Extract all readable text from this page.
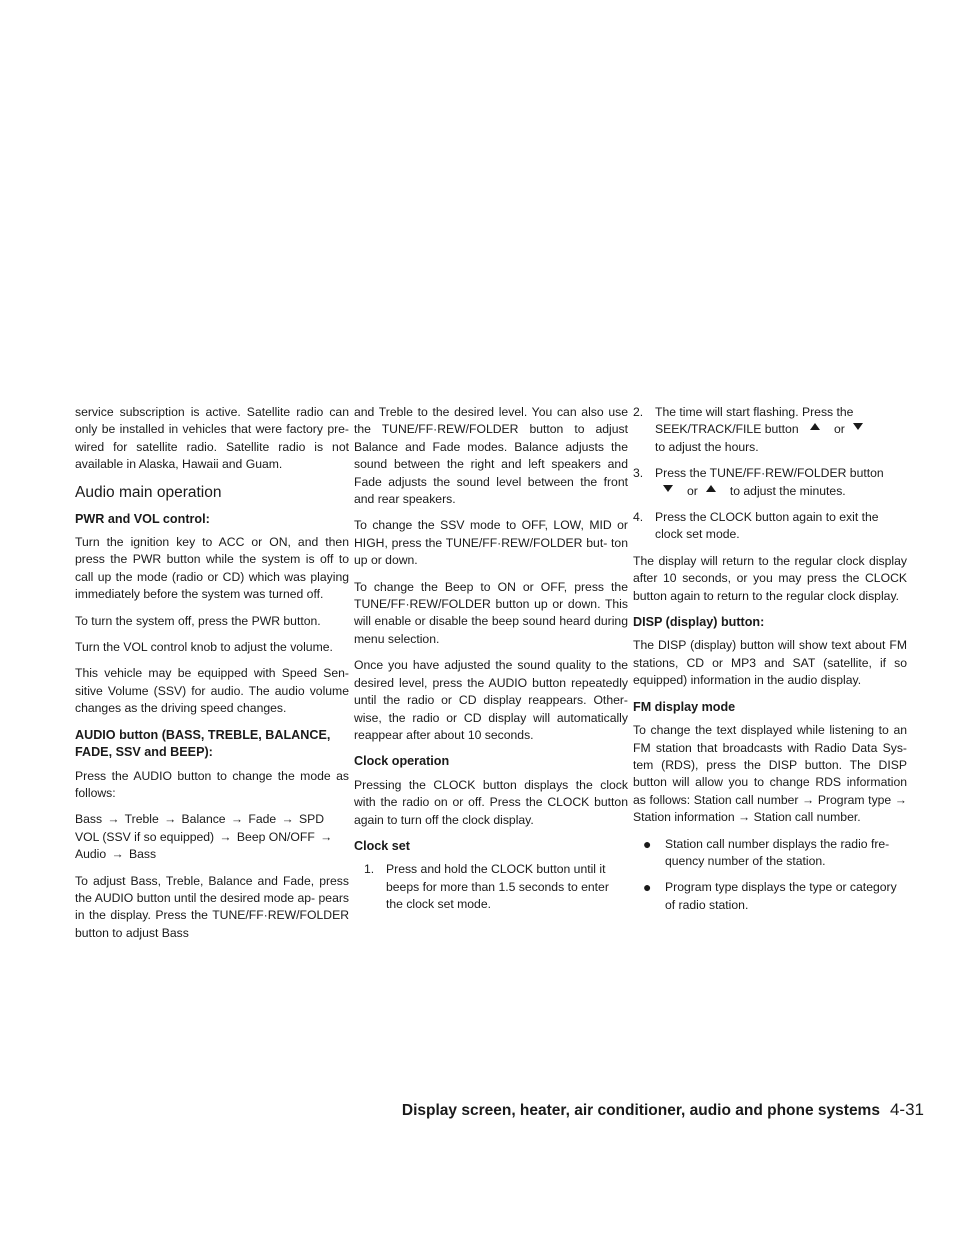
service subscription is active. Satellite radio can only be installed in vehicles that were factory pre-wired for satellite radio. Satellite radio is not available in Alaska, Hawaii and Guam.

Audio main operation
PWR and VOL control:

Turn the ignition key to ACC or ON, and then press the PWR button while the system is off to call up the mode (radio or CD) which was playing immediately before the system was turned off.

To turn the system off, press the PWR button.

Turn the VOL control knob to adjust the volume.

This vehicle may be equipped with Speed Sen- sitive Volume (SSV) for audio. The audio volume changes as the driving speed changes.

AUDIO button (BASS, TREBLE, BALANCE, FADE, SSV and BEEP):

Press the AUDIO button to change the mode as follows:

Bass → Treble → Balance → Fade → SPD VOL (SSV if so equipped) → Beep ON/OFF → Audio → Bass

To adjust Bass, Treble, Balance and Fade, press the AUDIO button until the desired mode ap- pears in the display. Press the TUNE/FF·REW/FOLDER button to adjust Bass

and Treble to the desired level. You can also use the TUNE/FF·REW/FOLDER button to adjust Balance and Fade modes. Balance adjusts the sound between the right and left speakers and Fade adjusts the sound level between the front and rear speakers.

To change the SSV mode to OFF, LOW, MID or HIGH, press the TUNE/FF·REW/FOLDER but- ton up or down.

To change the Beep to ON or OFF, press the TUNE/FF·REW/FOLDER button up or down. This will enable or disable the beep sound heard during menu selection.

Once you have adjusted the sound quality to the desired level, press the AUDIO button repeatedly until the radio or CD display reappears. Other- wise, the radio or CD display will automatically reappear after about 10 seconds.

Clock operation

Pressing the CLOCK button displays the clock with the radio on or off. Press the CLOCK button again to turn off the clock display.

Clock set
1. Press and hold the CLOCK button until it beeps for more than 1.5 seconds to enter the clock set mode.
2. The time will start flashing. Press the SEEK/TRACK/FILE button	or
to adjust the hours.
3. Press the TUNE/FF·REW/FOLDER button or	to adjust the minutes.
4. Press the CLOCK button again to exit the clock set mode.

The display will return to the regular clock display after 10 seconds, or you may press the CLOCK button again to return to the regular clock display.

DISP (display) button:

The DISP (display) button will show text about FM stations, CD or MP3 and SAT (satellite, if so equipped) information in the audio display.

FM display mode

To change the text displayed while listening to an FM station that broadcasts with Radio Data Sys- tem (RDS), press the DISP button. The DISP button will allow you to change RDS information as follows: Station call number → Program type → Station information → Station call number.

●	Station call number displays the radio fre- quency number of the station.
●	Program type displays the type or category of radio station.
Display screen, heater, air conditioner, audio and phone systems 4-31
